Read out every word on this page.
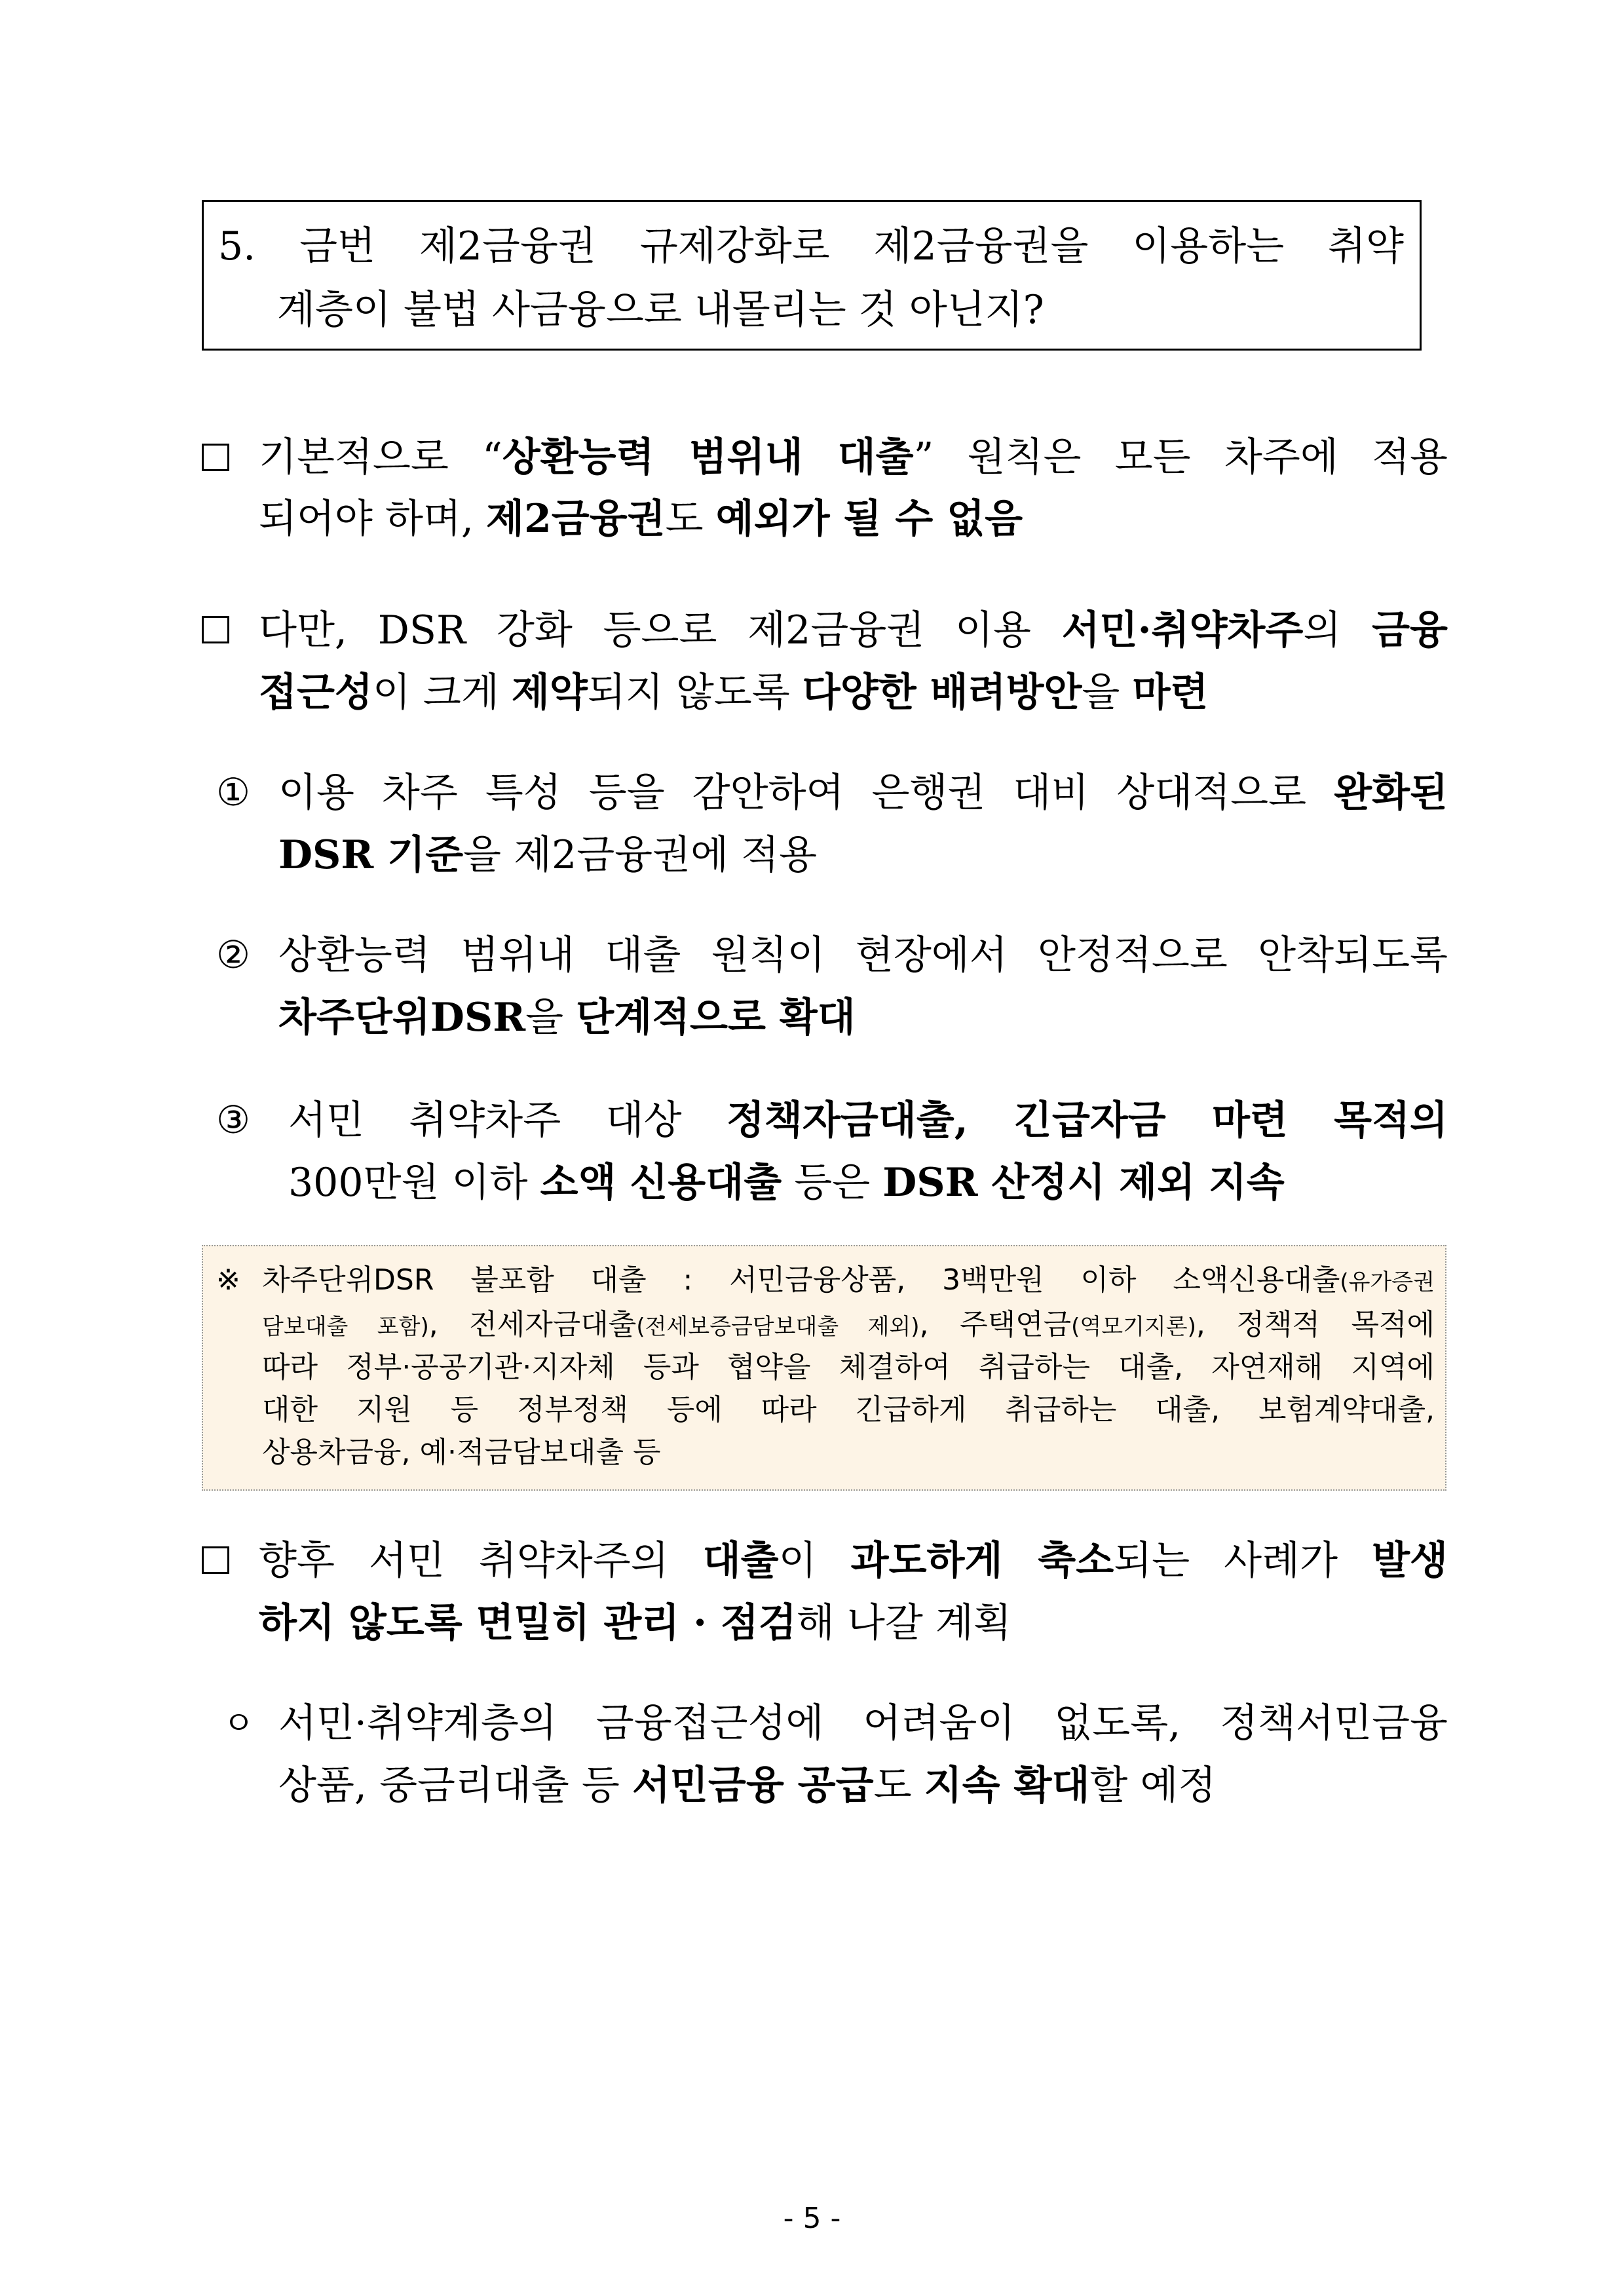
5. 금번 제2금융권 규제강화로 제2금융권을 이용하는 취약
계층이 불법 사금융으로 내몰리는 것 아닌지?
기본적으로 “상환능력 범위내 대출” 원칙은 모든 차주에 적용
되어야 하며, 제2금융권도 예외가 될 수 없음
다만, DSR 강화 등으로 제2금융권 이용 서민·취약차주의 금융
접근성이 크게 제약되지 않도록 다양한 배려방안을 마련
① 이용 차주 특성 등을 감안하여 은행권 대비 상대적으로 완화된
DSR 기준을 제2금융권에 적용
② 상환능력 범위내 대출 원칙이 현장에서 안정적으로 안착되도록
차주단위DSR을 단계적으로 확대
③ 서민 취약차주 대상 정책자금대출, 긴급자금 마련 목적의
300만원 이하 소액 신용대출 등은 DSR 산정시 제외 지속
※ 차주단위DSR 불포함 대출 : 서민금융상품, 3백만원 이하 소액신용대출(유가증권
담보대출 포함), 전세자금대출(전세보증금담보대출 제외), 주택연금(역모기지론), 정책적 목적에
따라 정부·공공기관·지자체 등과 협약을 체결하여 취급하는 대출, 자연재해 지역에
대한 지원 등 정부정책 등에 따라 긴급하게 취급하는 대출, 보험계약대출,
상용차금융, 예·적금담보대출 등
향후 서민 취약차주의 대출이 과도하게 축소되는 사례가 발생
하지 않도록 면밀히 관리 · 점검해 나갈 계획
ㅇ 서민·취약계층의 금융접근성에 어려움이 없도록, 정책서민금융
상품, 중금리대출 등 서민금융 공급도 지속 확대할 예정
- 5 -
